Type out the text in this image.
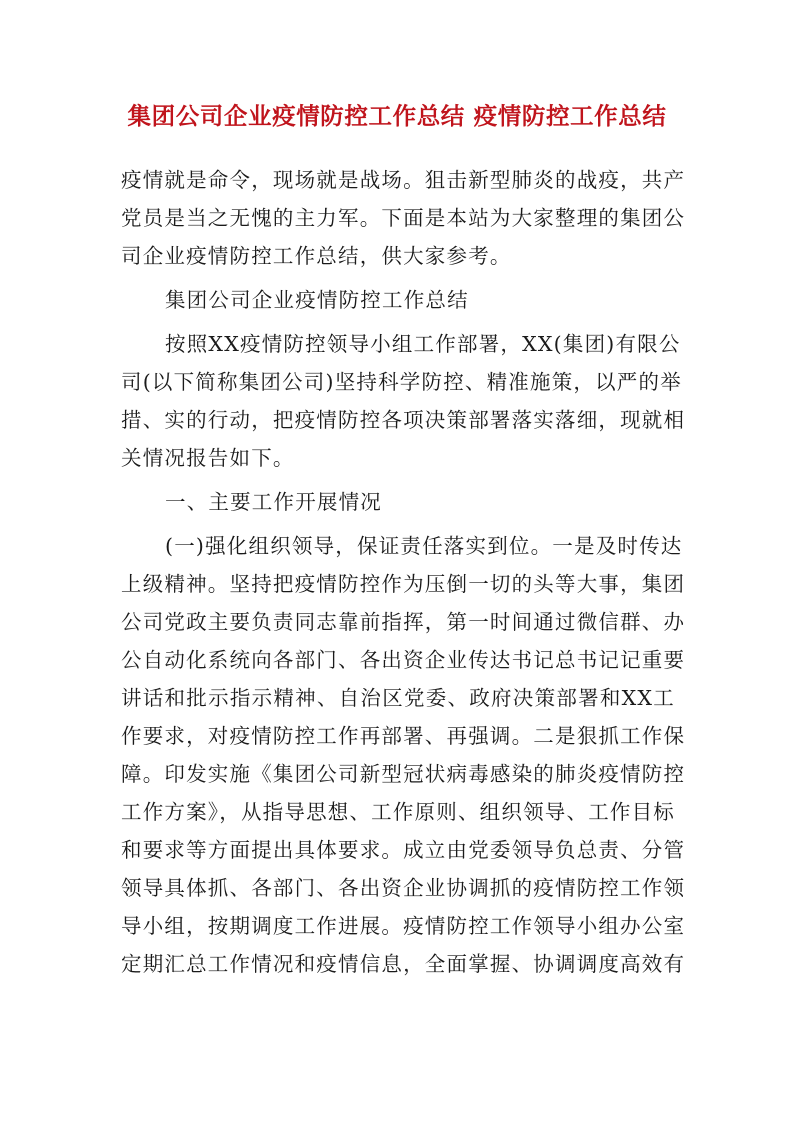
集团公司企业疫情防控工作总结 疫情防控工作总结
疫情就是命令，现场就是战场。狙击新型肺炎的战疫，共产
党员是当之无愧的主力军。下面是本站为大家整理的集团公
司企业疫情防控工作总结，供大家参考。
集团公司企业疫情防控工作总结
按照XX疫情防控领导小组工作部署，XX(集团)有限公
司(以下简称集团公司)坚持科学防控、精准施策，以严的举
措、实的行动，把疫情防控各项决策部署落实落细，现就相
关情况报告如下。
一、主要工作开展情况
(一)强化组织领导，保证责任落实到位。一是及时传达
上级精神。坚持把疫情防控作为压倒一切的头等大事，集团
公司党政主要负责同志靠前指挥，第一时间通过微信群、办
公自动化系统向各部门、各出资企业传达书记总书记记重要
讲话和批示指示精神、自治区党委、政府决策部署和XX工
作要求，对疫情防控工作再部署、再强调。二是狠抓工作保
障。印发实施《集团公司新型冠状病毒感染的肺炎疫情防控
工作方案》，从指导思想、工作原则、组织领导、工作目标
和要求等方面提出具体要求。成立由党委领导负总责、分管
领导具体抓、各部门、各出资企业协调抓的疫情防控工作领
导小组，按期调度工作进展。疫情防控工作领导小组办公室
定期汇总工作情况和疫情信息，全面掌握、协调调度高效有
